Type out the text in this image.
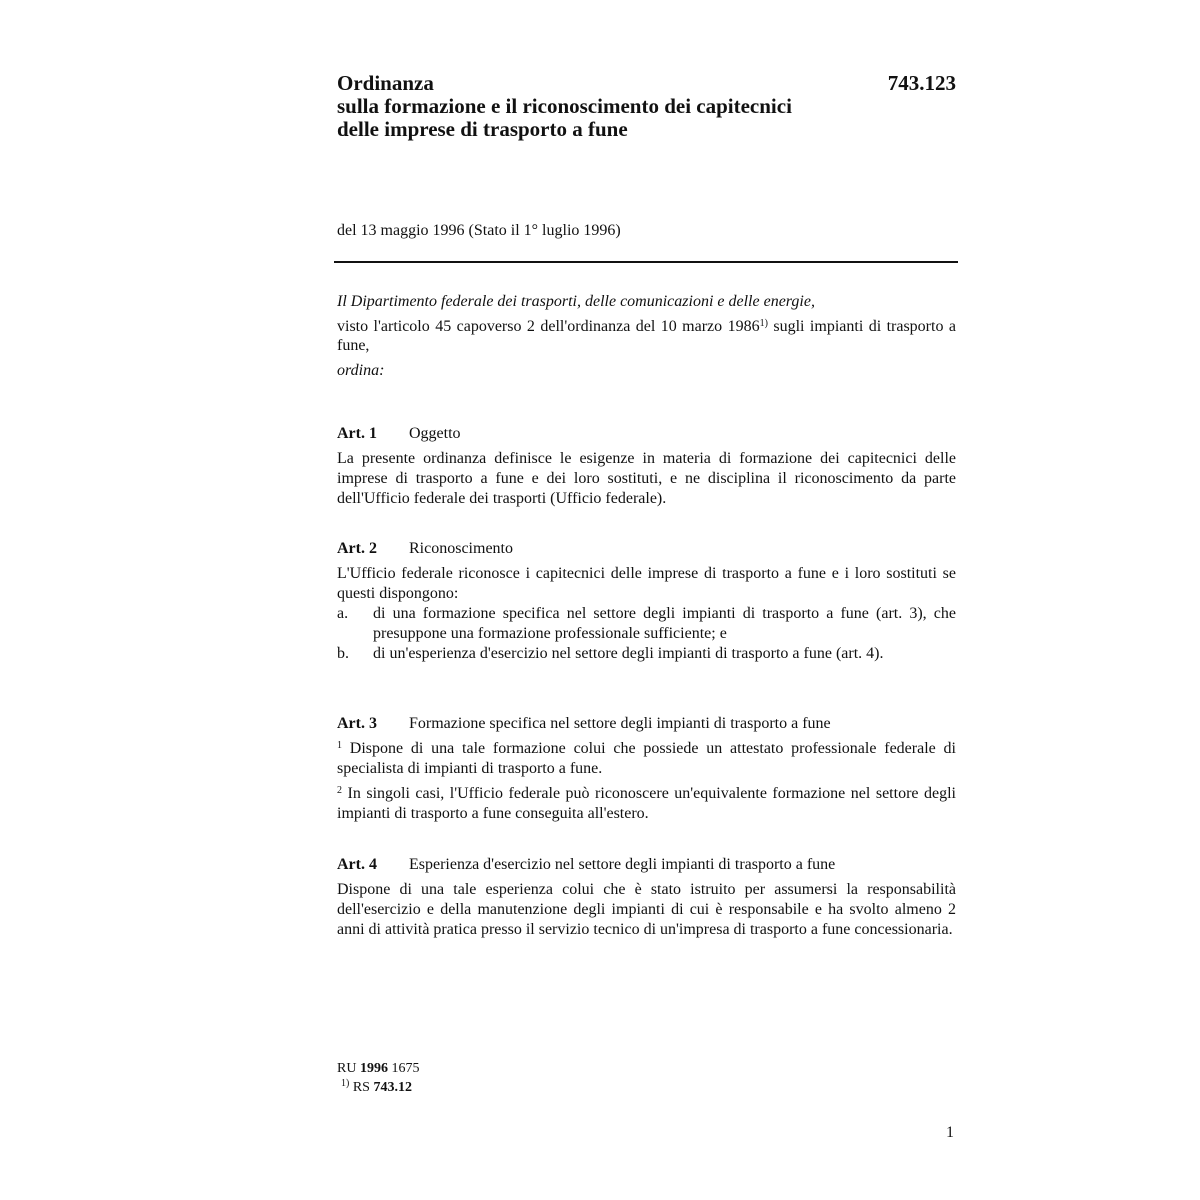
Ordinanza
sulla formazione e il riconoscimento dei capitecnici
delle imprese di trasporto a fune
743.123
del 13 maggio 1996 (Stato il 1° luglio 1996)
Il Dipartimento federale dei trasporti, delle comunicazioni e delle energie,
visto l'articolo 45 capoverso 2 dell'ordinanza del 10 marzo 1986$^{1)}$ sugli impianti di trasporto a fune,
ordina:
Art. 1 Oggetto
La presente ordinanza definisce le esigenze in materia di formazione dei capitecnici delle imprese di trasporto a fune e dei loro sostituti, e ne disciplina il riconoscimento da parte dell'Ufficio federale dei trasporti (Ufficio federale).
Art. 2 Riconoscimento
L'Ufficio federale riconosce i capitecnici delle imprese di trasporto a fune e i loro sostituti se questi dispongono:
a.	di una formazione specifica nel settore degli impianti di trasporto a fune (art. 3), che presuppone una formazione professionale sufficiente; e
b.	di un'esperienza d'esercizio nel settore degli impianti di trasporto a fune (art. 4).
Art. 3 Formazione specifica nel settore degli impianti di trasporto a fune
$^1$ Dispone di una tale formazione colui che possiede un attestato professionale federale di specialista di impianti di trasporto a fune.
$^2$ In singoli casi, l'Ufficio federale può riconoscere un'equivalente formazione nel settore degli impianti di trasporto a fune conseguita all'estero.
Art. 4 Esperienza d'esercizio nel settore degli impianti di trasporto a fune
Dispone di una tale esperienza colui che è stato istruito per assumersi la responsabilità dell'esercizio e della manutenzione degli impianti di cui è responsabile e ha svolto almeno 2 anni di attività pratica presso il servizio tecnico di un'impresa di trasporto a fune concessionaria.
RU 1996 1675
$^{1)}$ RS 743.12
1
